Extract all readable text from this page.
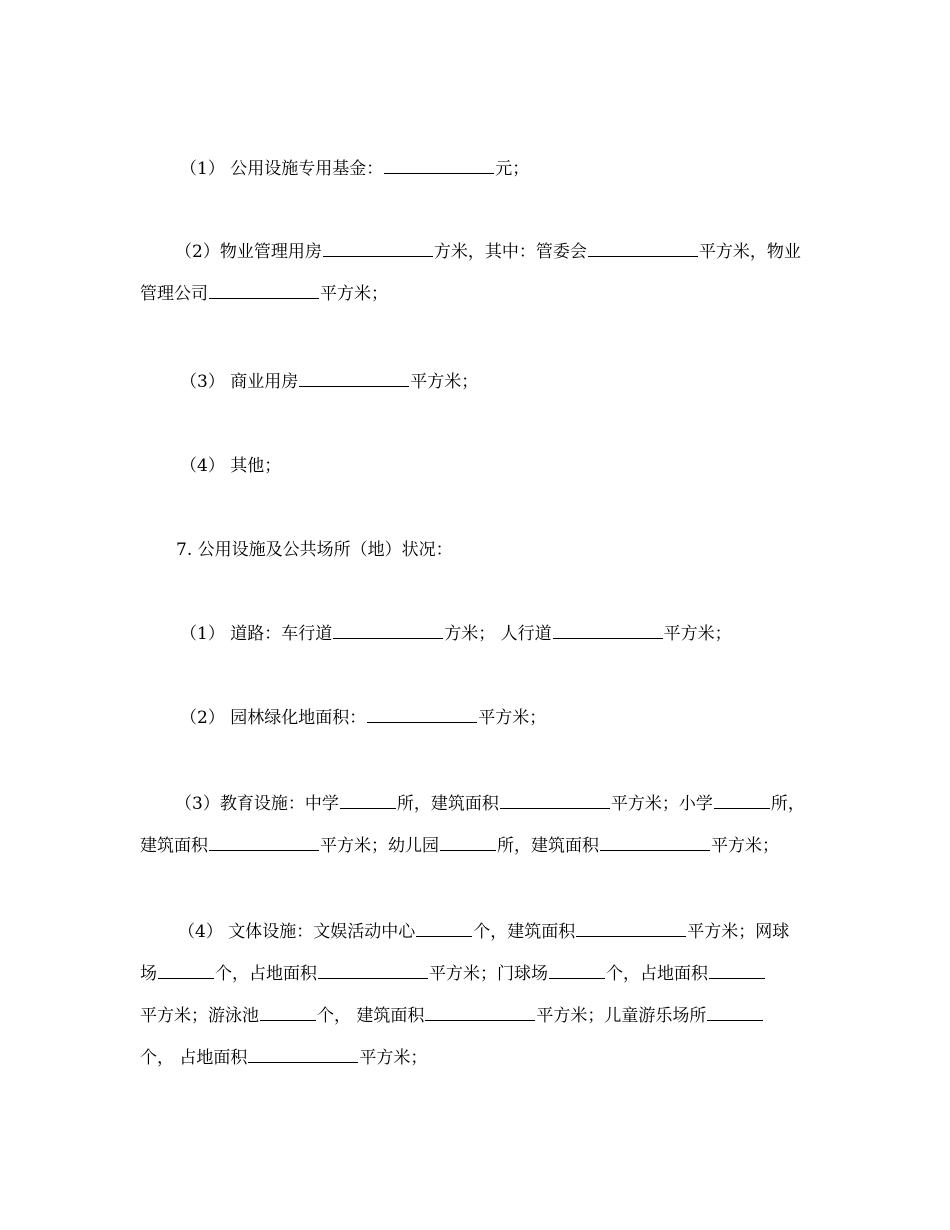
（1） 公用设施专用基金：	元；
（2）物业管理用房	方米，其中：管委会	平方米，物业
管理公司	平方米；
（3） 商业用房	平方米；
（4） 其他；
7. 公用设施及公共场所（地）状况：
（1） 道路：车行道	方米； 人行道	平方米；
（2） 园林绿化地面积：	平方米；
（3）教育设施：中学	所，建筑面积	平方米；小学	所，
建筑面积	平方米；幼儿园	所，建筑面积	平方米；
（4） 文体设施：文娱活动中心	个，建筑面积	平方米；网球
场	个，占地面积	平方米；门球场	个，占地面积
平方米；游泳池	个， 建筑面积	平方米；儿童游乐场所
个， 占地面积	平方米；
